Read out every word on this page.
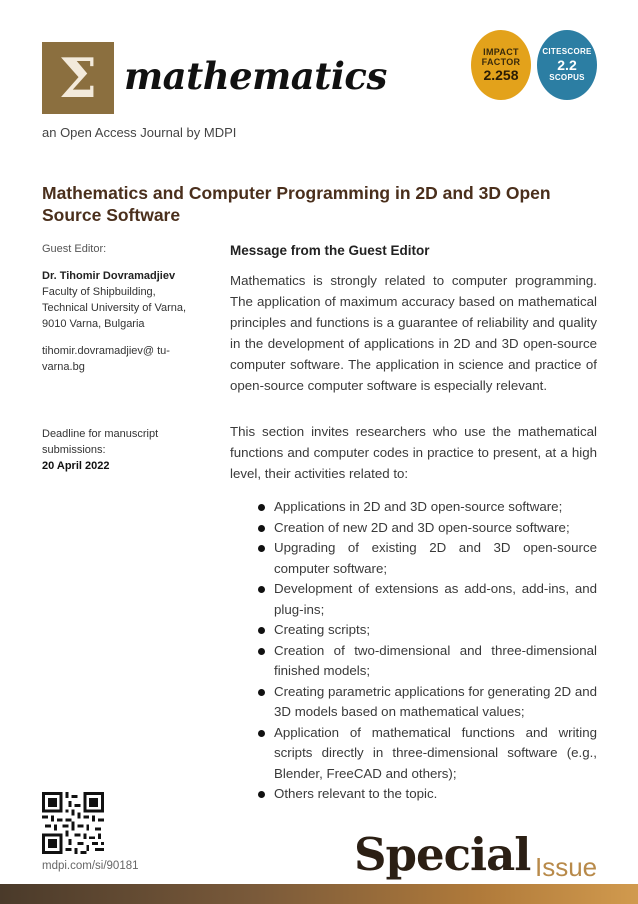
Σ mathematics
IMPACT
FACTOR
2.258
CITESCORE
2.2
SCOPUS
an Open Access Journal by MDPI
Mathematics and Computer Programming in 2D and 3D Open Source Software
Guest Editor:
Dr. Tihomir Dovramadjiev
Faculty of Shipbuilding,
Technical University of Varna,
9010 Varna, Bulgaria
tihomir.dovramadjiev@ tu-varna.bg
Deadline for manuscript submissions:
20 April 2022
Message from the Guest Editor

Mathematics is strongly related to computer programming. The application of maximum accuracy based on mathematical principles and functions is a guarantee of reliability and quality in the development of applications in 2D and 3D open-source computer software. The application in science and practice of open-source computer software is especially relevant.

This section invites researchers who use the mathematical functions and computer codes in practice to present, at a high level, their activities related to:

Applications in 2D and 3D open-source software;
Creation of new 2D and 3D open-source software;
Upgrading of existing 2D and 3D open-source computer software;
Development of extensions as add-ons, add-ins, and plug-ins;
Creating scripts;
Creation of two-dimensional and three-dimensional finished models;
Creating parametric applications for generating 2D and 3D models based on mathematical values;
Application of mathematical functions and writing scripts directly in three-dimensional software (e.g., Blender, FreeCAD and others);
Others relevant to the topic.
mdpi.com/si/90181	Special Issue
